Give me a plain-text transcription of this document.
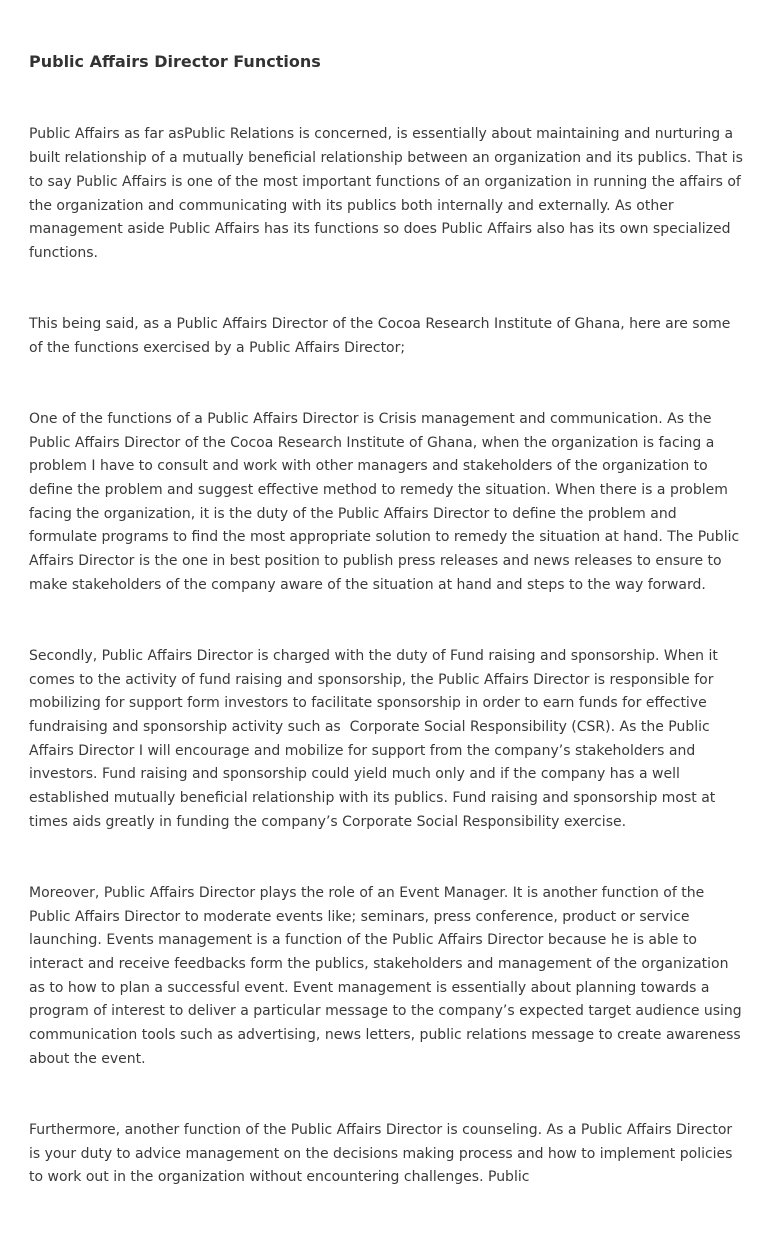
Public Affairs Director Functions

Public Affairs as far asPublic Relations is concerned, is essentially about maintaining and nurturing a built relationship of a mutually beneficial relationship between an organization and its publics. That is to say Public Affairs is one of the most important functions of an organization in running the affairs of the organization and communicating with its publics both internally and externally. As other management aside Public Affairs has its functions so does Public Affairs also has its own specialized functions.

This being said, as a Public Affairs Director of the Cocoa Research Institute of Ghana, here are some of the functions exercised by a Public Affairs Director;

One of the functions of a Public Affairs Director is Crisis management and communication. As the Public Affairs Director of the Cocoa Research Institute of Ghana, when the organization is facing a problem I have to consult and work with other managers and stakeholders of the organization to define the problem and suggest effective method to remedy the situation. When there is a problem facing the organization, it is the duty of the Public Affairs Director to define the problem and formulate programs to find the most appropriate solution to remedy the situation at hand. The Public Affairs Director is the one in best position to publish press releases and news releases to ensure to make stakeholders of the company aware of the situation at hand and steps to the way forward.

Secondly, Public Affairs Director is charged with the duty of Fund raising and sponsorship. When it comes to the activity of fund raising and sponsorship, the Public Affairs Director is responsible for mobilizing for support form investors to facilitate sponsorship in order to earn funds for effective fundraising and sponsorship activity such as  Corporate Social Responsibility (CSR). As the Public Affairs Director I will encourage and mobilize for support from the company’s stakeholders and investors. Fund raising and sponsorship could yield much only and if the company has a well established mutually beneficial relationship with its publics. Fund raising and sponsorship most at times aids greatly in funding the company’s Corporate Social Responsibility exercise.

Moreover, Public Affairs Director plays the role of an Event Manager. It is another function of the Public Affairs Director to moderate events like; seminars, press conference, product or service launching. Events management is a function of the Public Affairs Director because he is able to interact and receive feedbacks form the publics, stakeholders and management of the organization as to how to plan a successful event. Event management is essentially about planning towards a program of interest to deliver a particular message to the company’s expected target audience using communication tools such as advertising, news letters, public relations message to create awareness about the event.

Furthermore, another function of the Public Affairs Director is counseling. As a Public Affairs Director is your duty to advice management on the decisions making process and how to implement policies to work out in the organization without encountering challenges. Public
